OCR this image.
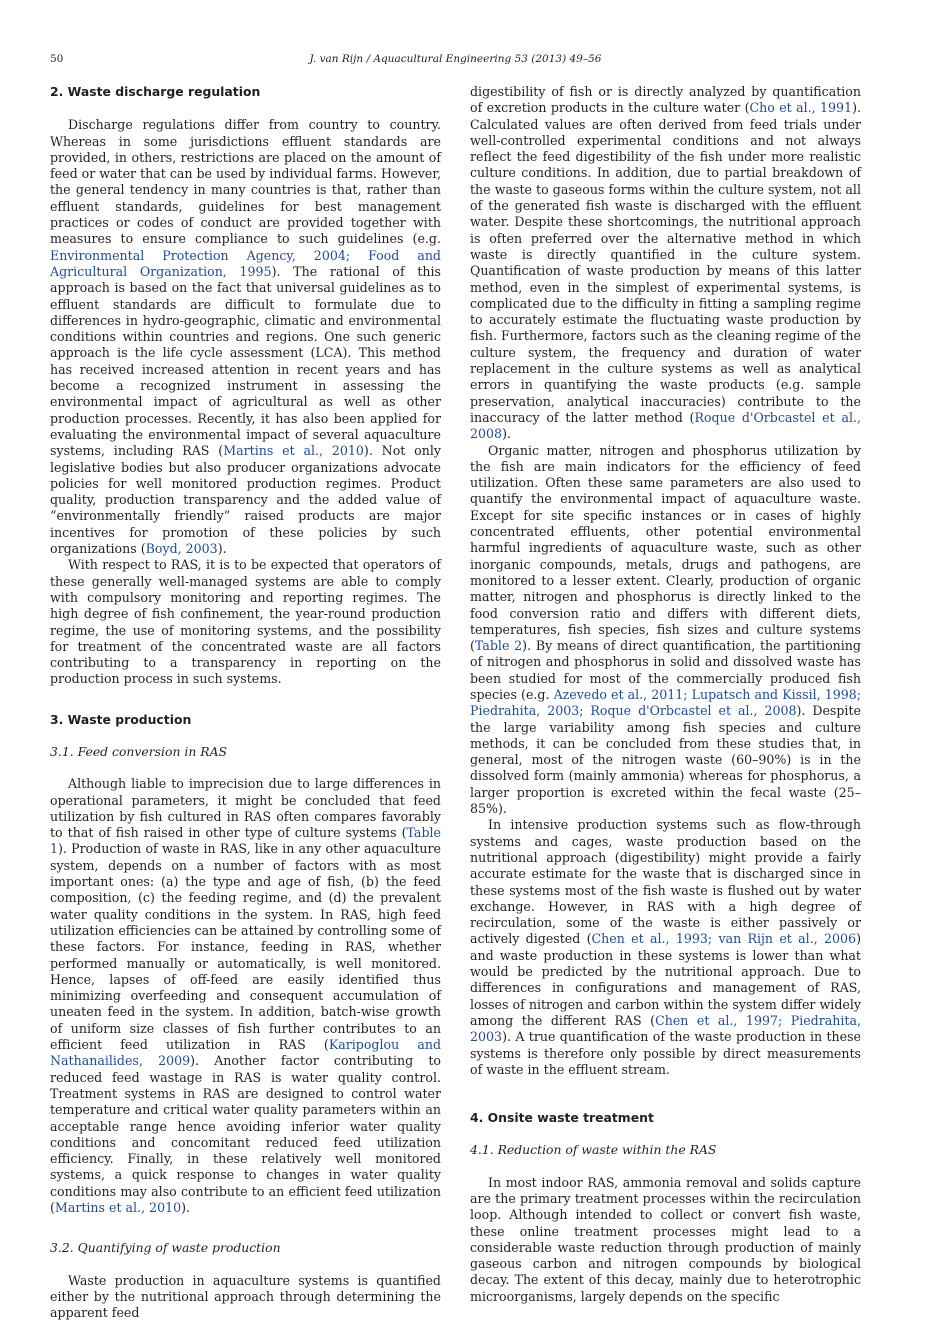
50	J. van Rijn / Aquacultural Engineering 53 (2013) 49–56
2. Waste discharge regulation

Discharge regulations differ from country to country. Whereas in some jurisdictions effluent standards are provided, in others, restrictions are placed on the amount of feed or water that can be used by individual farms. However, the general tendency in many countries is that, rather than effluent standards, guidelines for best management practices or codes of conduct are provided together with measures to ensure compliance to such guidelines (e.g. Environmental Protection Agency, 2004; Food and Agricultural Organization, 1995). The rational of this approach is based on the fact that universal guidelines as to effluent standards are difficult to formulate due to differences in hydro-geographic, climatic and environmental conditions within countries and regions. One such generic approach is the life cycle assessment (LCA). This method has received increased attention in recent years and has become a recognized instrument in assessing the environmental impact of agricultural as well as other production processes. Recently, it has also been applied for evaluating the environmental impact of several aquaculture systems, including RAS (Martins et al., 2010). Not only legislative bodies but also producer organizations advocate policies for well monitored production regimes. Product quality, production transparency and the added value of “environmentally friendly” raised products are major incentives for promotion of these policies by such organizations (Boyd, 2003).

With respect to RAS, it is to be expected that operators of these generally well-managed systems are able to comply with compulsory monitoring and reporting regimes. The high degree of fish confinement, the year-round production regime, the use of monitoring systems, and the possibility for treatment of the concentrated waste are all factors contributing to a transparency in reporting on the production process in such systems.

3. Waste production
3.1. Feed conversion in RAS

Although liable to imprecision due to large differences in operational parameters, it might be concluded that feed utilization by fish cultured in RAS often compares favorably to that of fish raised in other type of culture systems (Table 1). Production of waste in RAS, like in any other aquaculture system, depends on a number of factors with as most important ones: (a) the type and age of fish, (b) the feed composition, (c) the feeding regime, and (d) the prevalent water quality conditions in the system. In RAS, high feed utilization efficiencies can be attained by controlling some of these factors. For instance, feeding in RAS, whether performed manually or automatically, is well monitored. Hence, lapses of off-feed are easily identified thus minimizing overfeeding and consequent accumulation of uneaten feed in the system. In addition, batch-wise growth of uniform size classes of fish further contributes to an efficient feed utilization in RAS (Karipoglou and Nathanailides, 2009). Another factor contributing to reduced feed wastage in RAS is water quality control. Treatment systems in RAS are designed to control water temperature and critical water quality parameters within an acceptable range hence avoiding inferior water quality conditions and concomitant reduced feed utilization efficiency. Finally, in these relatively well monitored systems, a quick response to changes in water quality conditions may also contribute to an efficient feed utilization (Martins et al., 2010).

3.2. Quantifying of waste production

Waste production in aquaculture systems is quantified either by the nutritional approach through determining the apparent feed

digestibility of fish or is directly analyzed by quantification of excretion products in the culture water (Cho et al., 1991). Calculated values are often derived from feed trials under well-controlled experimental conditions and not always reflect the feed digestibility of the fish under more realistic culture conditions. In addition, due to partial breakdown of the waste to gaseous forms within the culture system, not all of the generated fish waste is discharged with the effluent water. Despite these shortcomings, the nutritional approach is often preferred over the alternative method in which waste is directly quantified in the culture system. Quantification of waste production by means of this latter method, even in the simplest of experimental systems, is complicated due to the difficulty in fitting a sampling regime to accurately estimate the fluctuating waste production by fish. Furthermore, factors such as the cleaning regime of the culture system, the frequency and duration of water replacement in the culture systems as well as analytical errors in quantifying the waste products (e.g. sample preservation, analytical inaccuracies) contribute to the inaccuracy of the latter method (Roque d'Orbcastel et al., 2008).

Organic matter, nitrogen and phosphorus utilization by the fish are main indicators for the efficiency of feed utilization. Often these same parameters are also used to quantify the environmental impact of aquaculture waste. Except for site specific instances or in cases of highly concentrated effluents, other potential environmental harmful ingredients of aquaculture waste, such as other inorganic compounds, metals, drugs and pathogens, are monitored to a lesser extent. Clearly, production of organic matter, nitrogen and phosphorus is directly linked to the food conversion ratio and differs with different diets, temperatures, fish species, fish sizes and culture systems (Table 2). By means of direct quantification, the partitioning of nitrogen and phosphorus in solid and dissolved waste has been studied for most of the commercially produced fish species (e.g. Azevedo et al., 2011; Lupatsch and Kissil, 1998; Piedrahita, 2003; Roque d'Orbcastel et al., 2008). Despite the large variability among fish species and culture methods, it can be concluded from these studies that, in general, most of the nitrogen waste (60–90%) is in the dissolved form (mainly ammonia) whereas for phosphorus, a larger proportion is excreted within the fecal waste (25–85%).

In intensive production systems such as flow-through systems and cages, waste production based on the nutritional approach (digestibility) might provide a fairly accurate estimate for the waste that is discharged since in these systems most of the fish waste is flushed out by water exchange. However, in RAS with a high degree of recirculation, some of the waste is either passively or actively digested (Chen et al., 1993; van Rijn et al., 2006) and waste production in these systems is lower than what would be predicted by the nutritional approach. Due to differences in configurations and management of RAS, losses of nitrogen and carbon within the system differ widely among the different RAS (Chen et al., 1997; Piedrahita, 2003). A true quantification of the waste production in these systems is therefore only possible by direct measurements of waste in the effluent stream.

4. Onsite waste treatment
4.1. Reduction of waste within the RAS

In most indoor RAS, ammonia removal and solids capture are the primary treatment processes within the recirculation loop. Although intended to collect or convert fish waste, these online treatment processes might lead to a considerable waste reduction through production of mainly gaseous carbon and nitrogen compounds by biological decay. The extent of this decay, mainly due to heterotrophic microorganisms, largely depends on the specific
